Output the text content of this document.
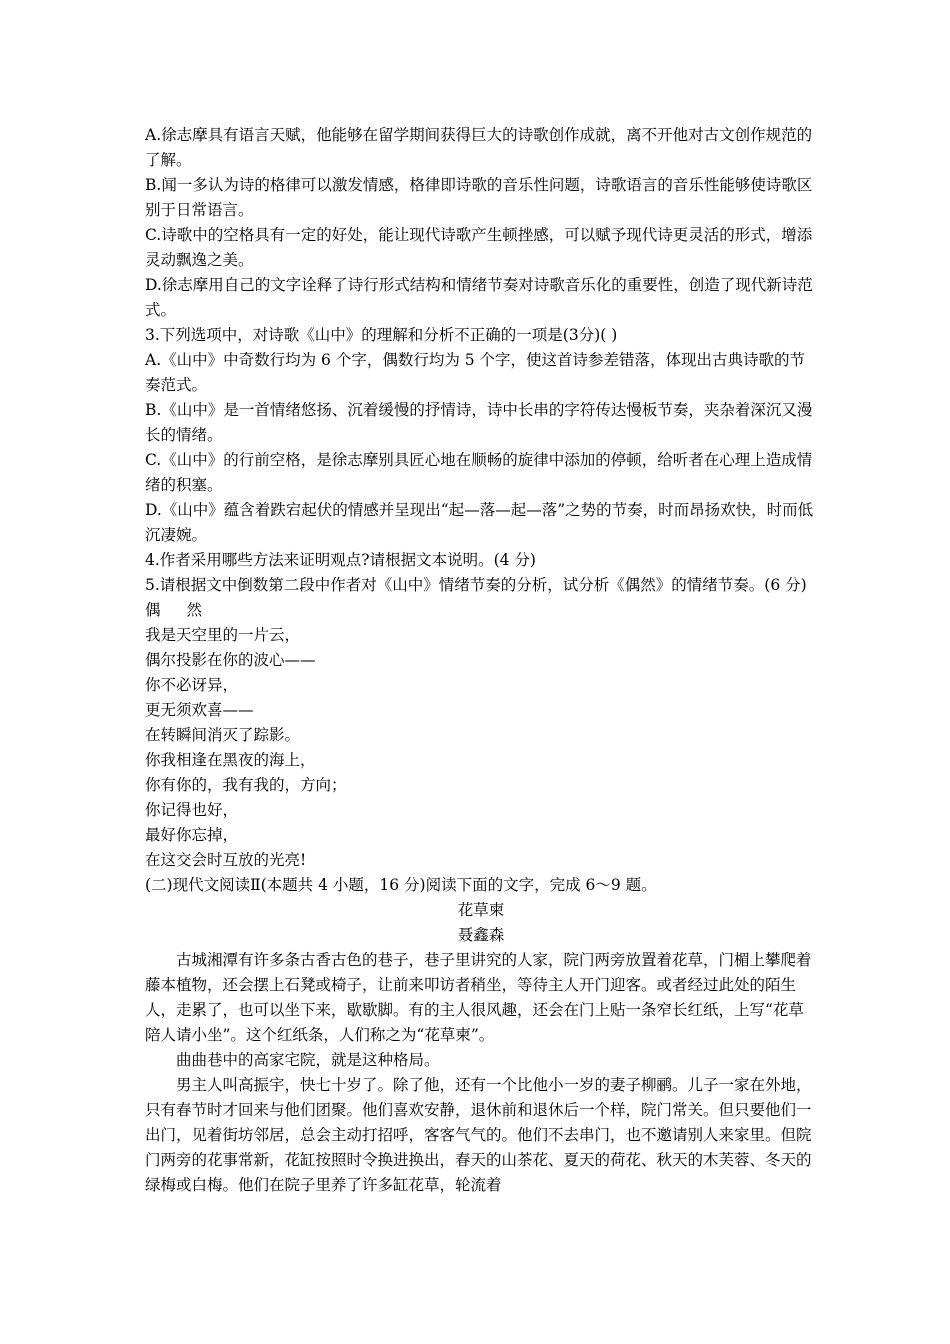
A.徐志摩具有语言天赋，他能够在留学期间获得巨大的诗歌创作成就，离不开他对古文创作规范的了解。

B.闻一多认为诗的格律可以激发情感，格律即诗歌的音乐性问题，诗歌语言的音乐性能够使诗歌区别于日常语言。

C.诗歌中的空格具有一定的好处，能让现代诗歌产生顿挫感，可以赋予现代诗更灵活的形式，增添灵动飘逸之美。

D.徐志摩用自己的文字诠释了诗行形式结构和情绪节奏对诗歌音乐化的重要性，创造了现代新诗范式。

3.下列选项中，对诗歌《山中》的理解和分析不正确的一项是(3分)( )

A.《山中》中奇数行均为 6 个字，偶数行均为 5 个字，使这首诗参差错落，体现出古典诗歌的节奏范式。

B.《山中》是一首情绪悠扬、沉着缓慢的抒情诗，诗中长串的字符传达慢板节奏，夹杂着深沉又漫长的情绪。

C.《山中》的行前空格，是徐志摩别具匠心地在顺畅的旋律中添加的停顿，给听者在心理上造成情绪的积塞。

D.《山中》蕴含着跌宕起伏的情感并呈现出“起—落—起—落”之势的节奏，时而昂扬欢快，时而低沉凄婉。

4.作者采用哪些方法来证明观点?请根据文本说明。(4 分)

5.请根据文中倒数第二段中作者对《山中》情绪节奏的分析，试分析《偶然》的情绪节奏。(6 分)

偶 然

我是天空里的一片云，

偶尔投影在你的波心——

你不必讶异，

更无须欢喜——

在转瞬间消灭了踪影。

你我相逢在黑夜的海上，

你有你的，我有我的，方向；

你记得也好，

最好你忘掉，

在这交会时互放的光亮!

(二)现代文阅读Ⅱ(本题共 4 小题，16 分)阅读下面的文字，完成 6～9 题。

花草柬

聂鑫森

古城湘潭有许多条古香古色的巷子，巷子里讲究的人家，院门两旁放置着花草，门楣上攀爬着藤本植物，还会摆上石凳或椅子，让前来叩访者稍坐，等待主人开门迎客。或者经过此处的陌生人，走累了，也可以坐下来，歇歇脚。有的主人很风趣，还会在门上贴一条窄长红纸，上写“花草陪人请小坐”。这个红纸条，人们称之为“花草柬”。

曲曲巷中的高家宅院，就是这种格局。

男主人叫高振宇，快七十岁了。除了他，还有一个比他小一岁的妻子柳鹂。儿子一家在外地，只有春节时才回来与他们团聚。他们喜欢安静，退休前和退休后一个样，院门常关。但只要他们一出门，见着街坊邻居，总会主动打招呼，客客气气的。他们不去串门，也不邀请别人来家里。但院门两旁的花事常新，花缸按照时令换进换出，春天的山茶花、夏天的荷花、秋天的木芙蓉、冬天的绿梅或白梅。他们在院子里养了许多缸花草，轮流着
